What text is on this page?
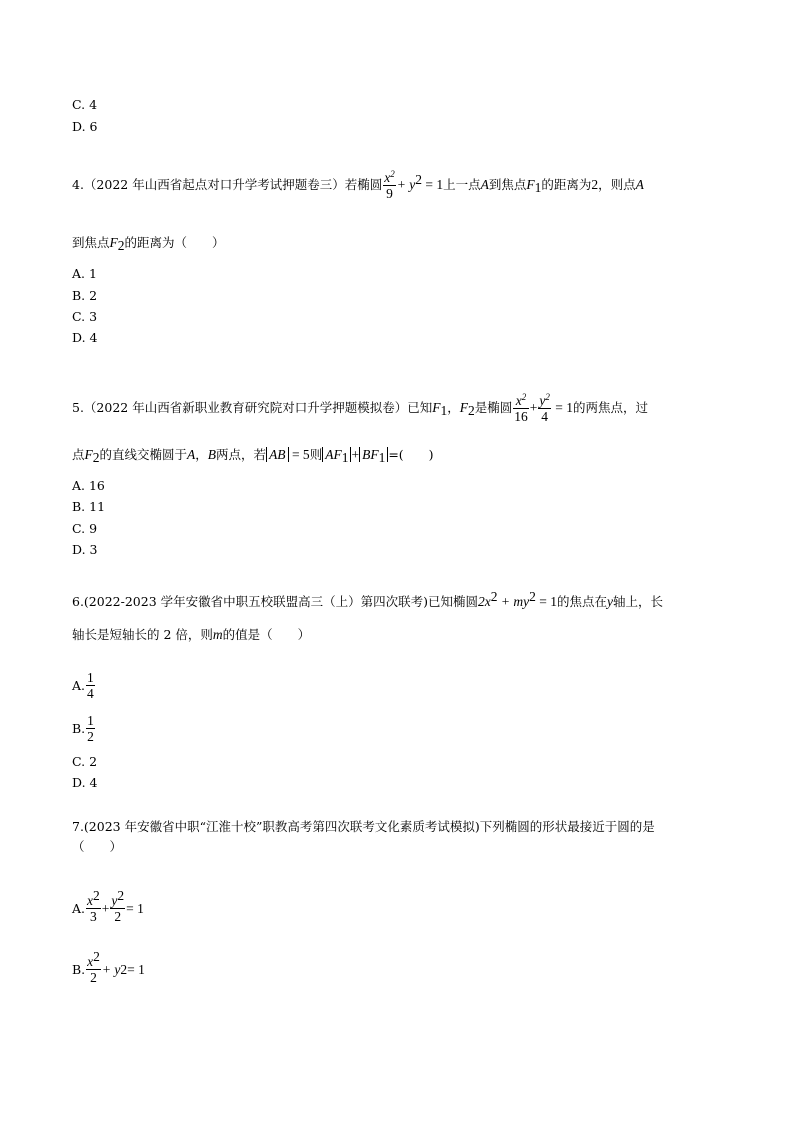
C. 4
D. 6
4.（2022 年山西省起点对口升学考试押题卷三）若椭圆 $\frac{x^2}{9} + y^2 = 1$上一点A到焦点$F_1$的距离为2，则点A
到焦点$F_2$的距离为（　　）
A. 1
B. 2
C. 3
D. 4
5.（2022 年山西省新职业教育研究院对口升学押题模拟卷）已知$F_1$，$F_2$是椭圆 $\frac{x^2}{16} + \frac{y^2}{4} = 1$的两焦点，过
点$F_2$的直线交椭圆于A，B两点，若 AB = 5则 $AF_1 + BF_1$ =(　　)
A. 16
B. 11
C. 9
D. 3
6.(2022-2023 学年安徽省中职五校联盟高三（上）第四次联考)已知椭圆$2x^2 + my^2 = 1$的焦点在y轴上，长
轴长是短轴长的 2 倍，则m的值是（　　）
A. $\frac{1}{4}$
B. $\frac{1}{2}$
C. 2
D. 4
7.(2023 年安徽省中职“江淮十校”职教高考第四次联考文化素质考试模拟)下列椭圆的形状最接近于圆的是
（　　）
A. $\frac{x^2}{3} + \frac{y^2}{2} = 1$
B. $\frac{x^2}{2} + y$ 2 = 1
